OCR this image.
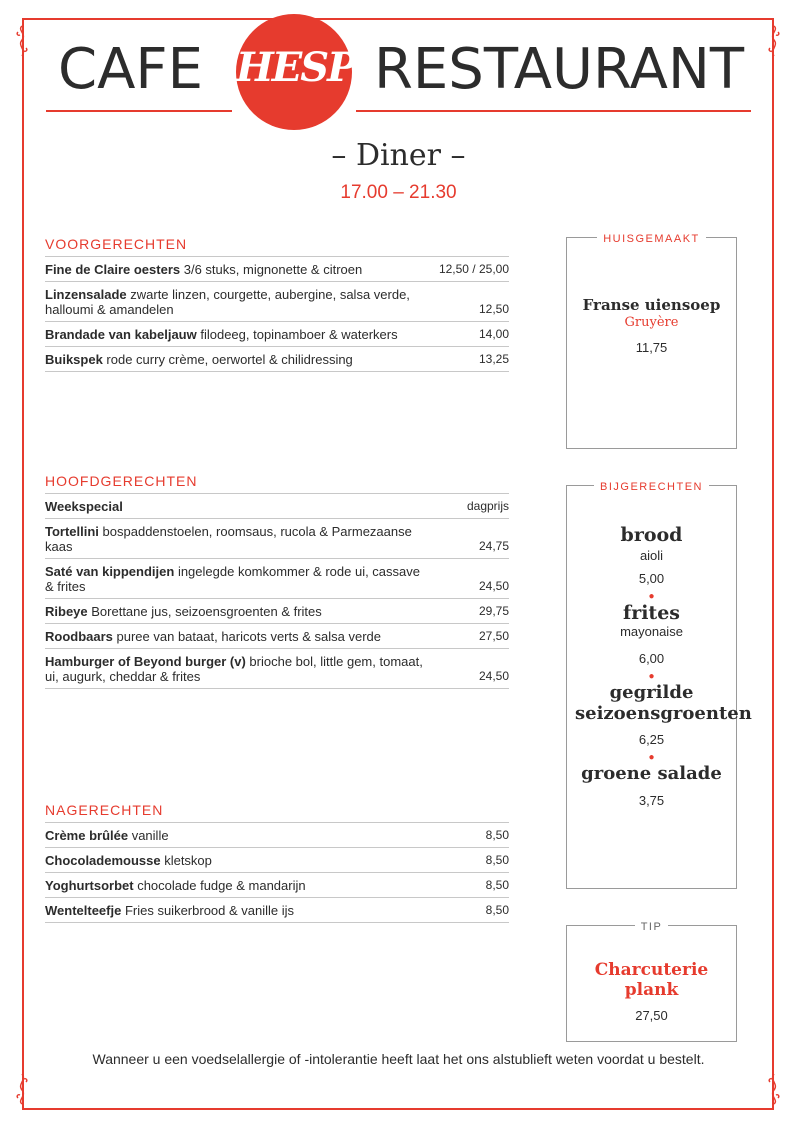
CAFE	RESTAURANT
HESP
– Diner –
17.00 – 21.30
VOORGERECHTEN
Fine de Claire oesters 3/6 stuks, mignonette & citroen	12,50 / 25,00
Linzensalade zwarte linzen, courgette, aubergine, salsa verde, halloumi & amandelen	12,50
Brandade van kabeljauw filodeeg, topinamboer & waterkers	14,00
Buikspek rode curry crème, oerwortel & chilidressing	13,25
HOOFDGERECHTEN
Weekspecial	dagprijs
Tortellini bospaddenstoelen, roomsaus, rucola & Parmezaanse kaas	24,75
Saté van kippendijen ingelegde komkommer & rode ui, cassave & frites	24,50
Ribeye Borettane jus, seizoensgroenten & frites	29,75
Roodbaars puree van bataat, haricots verts & salsa verde	27,50
Hamburger of Beyond burger (v) brioche bol, little gem, tomaat, ui, augurk, cheddar & frites	24,50
NAGERECHTEN
Crème brûlée vanille	8,50
Chocolademousse kletskop	8,50
Yoghurtsorbet chocolade fudge & mandarijn	8,50
Wentelteefje Fries suikerbrood & vanille ijs	8,50
HUISGEMAAKT
Franse uiensoep
Gruyère
11,75
BIJGERECHTEN
brood
aioli
5,00
●
frites
mayonaise
6,00
●
gegrilde seizoensgroenten
6,25
●
groene salade
3,75
TIP
Charcuterie plank
27,50
Wanneer u een voedselallergie of -intolerantie heeft laat het ons alstublieft weten voordat u bestelt.
